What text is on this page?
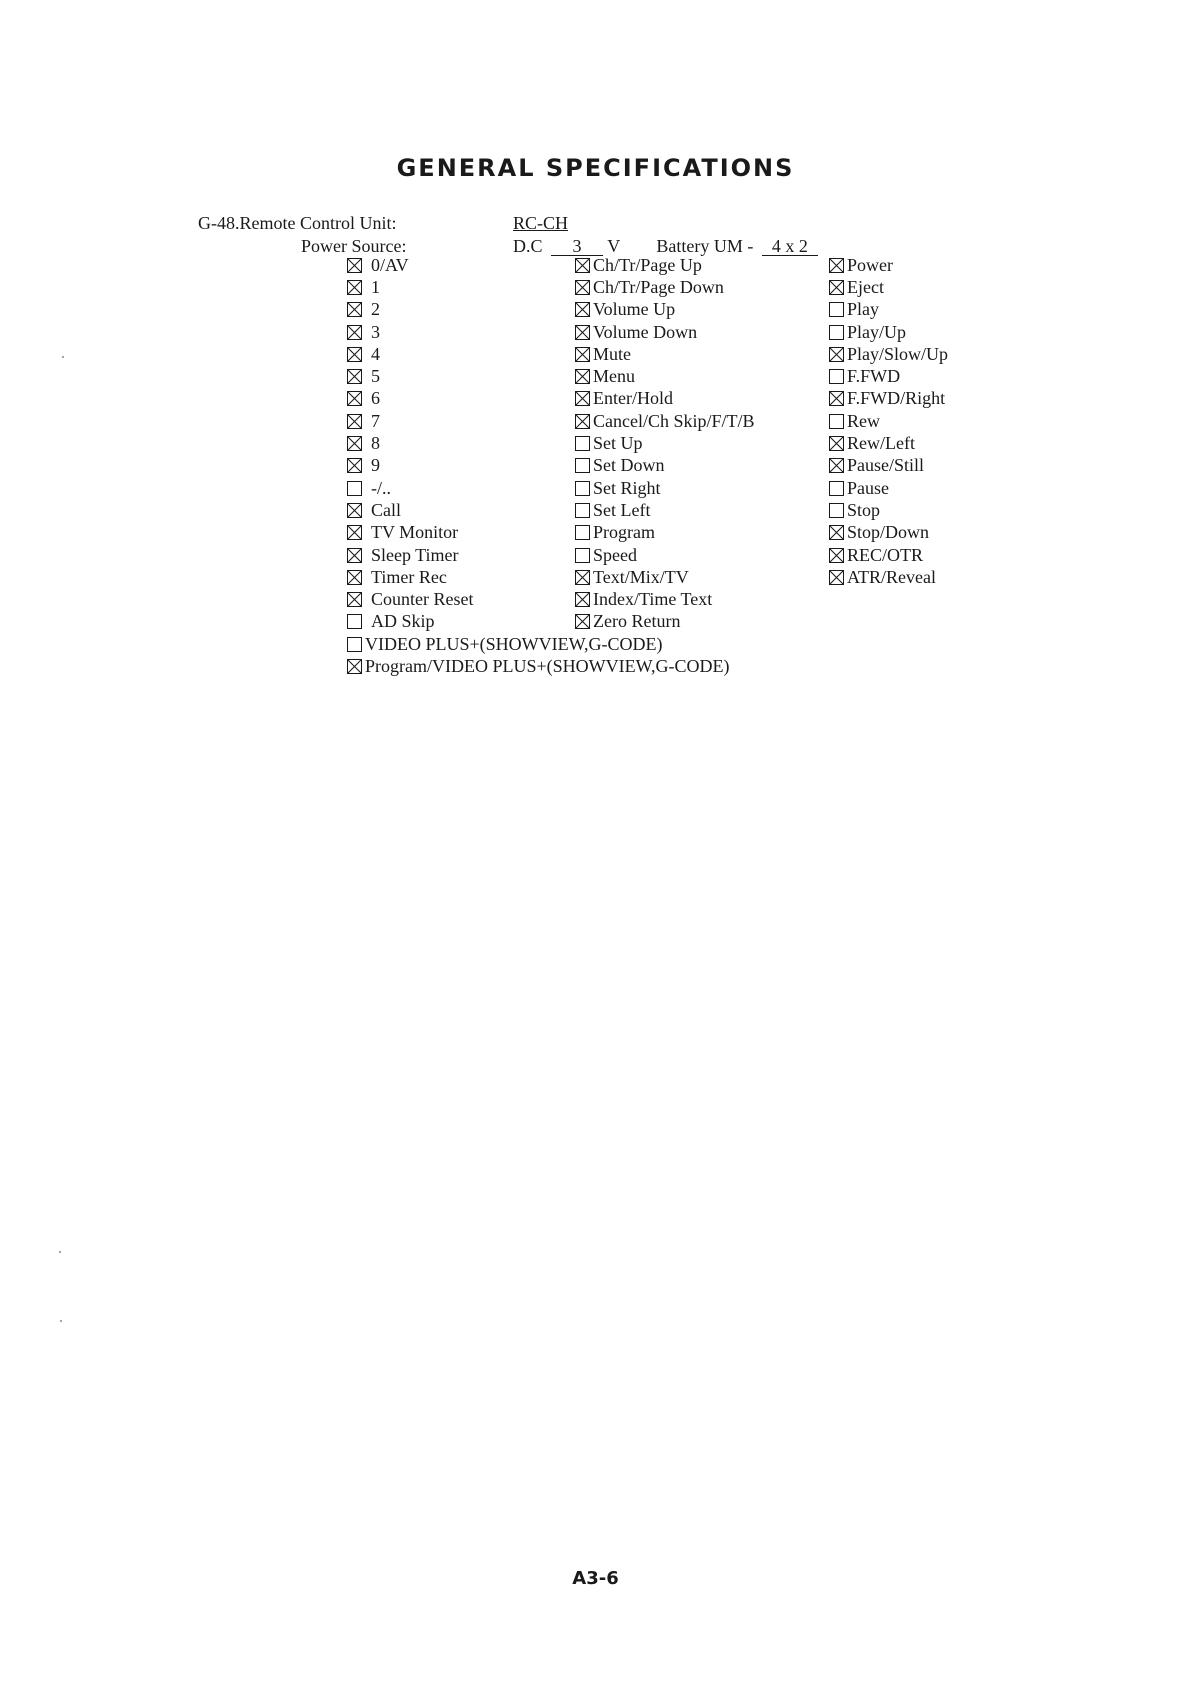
GENERAL SPECIFICATIONS
G-48.Remote Control Unit:	RC-CH
Power Source:	D.C 3 V Battery UM - 4 x 2
0/AV
1
2
3
4
5
6
7
8
9
-/..
Call
TV Monitor
Sleep Timer
Timer Rec
Counter Reset
AD Skip
Ch/Tr/Page Up
Ch/Tr/Page Down
Volume Up
Volume Down
Mute
Menu
Enter/Hold
Cancel/Ch Skip/F/T/B
Set Up
Set Down
Set Right
Set Left
Program
Speed
Text/Mix/TV
Index/Time Text
Zero Return
Power
Eject
Play
Play/Up
Play/Slow/Up
F.FWD
F.FWD/Right
Rew
Rew/Left
Pause/Still
Pause
Stop
Stop/Down
REC/OTR
ATR/Reveal
VIDEO PLUS+(SHOWVIEW,G-CODE)
Program/VIDEO PLUS+(SHOWVIEW,G-CODE)
A3-6
